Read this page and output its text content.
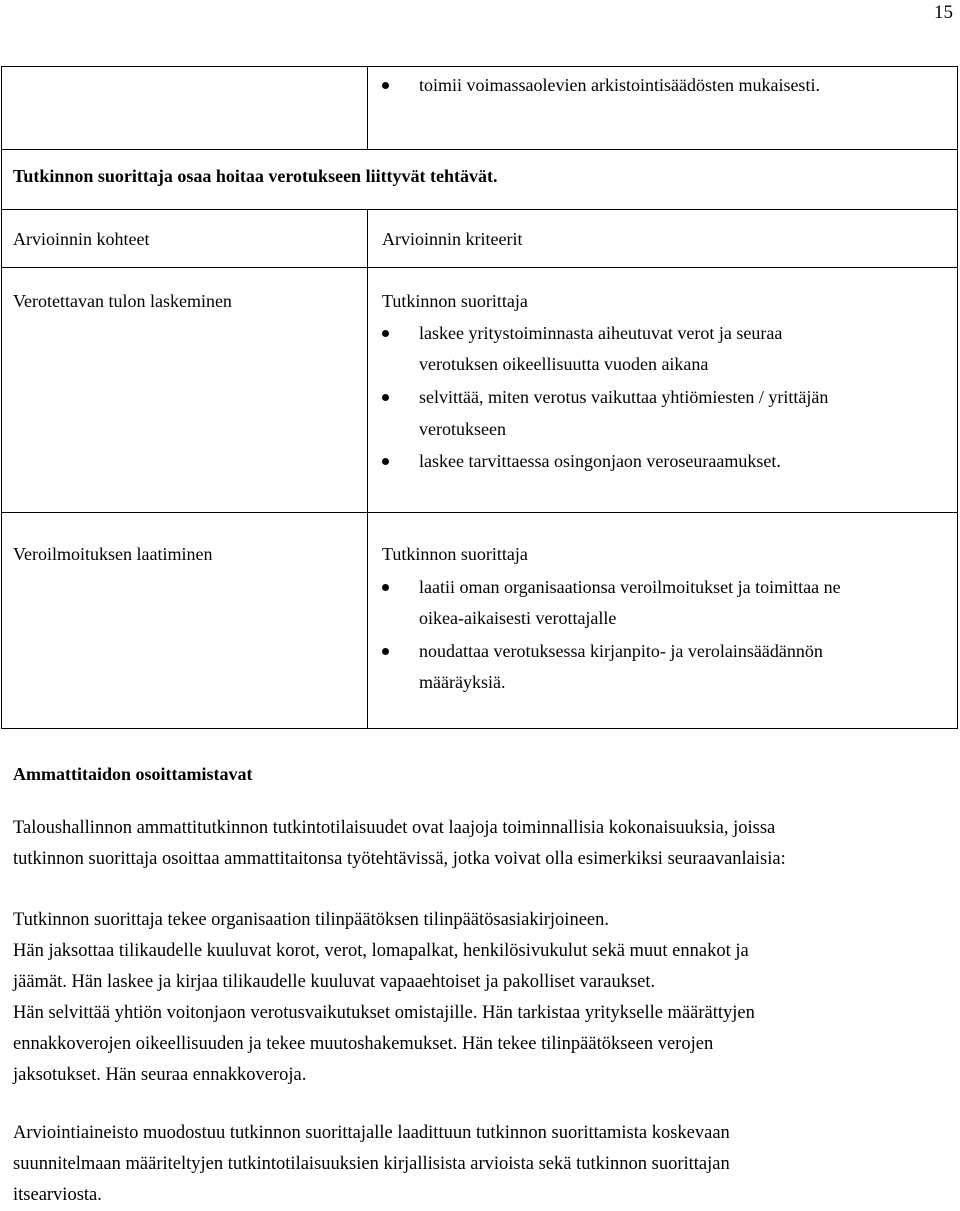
15
toimii voimassaolevien arkistointisäädösten mukaisesti.
Tutkinnon suorittaja osaa hoitaa verotukseen liittyvät tehtävät.
Arvioinnin kohteet	Arvioinnin kriteerit
Verotettavan tulon laskeminen	Tutkinnon suorittaja
laskee yritystoiminnasta aiheutuvat verot ja seuraa
verotuksen oikeellisuutta vuoden aikana
selvittää, miten verotus vaikuttaa yhtiömiesten / yrittäjän
verotukseen
laskee tarvittaessa osingonjaon veroseuraamukset.
Veroilmoituksen laatiminen	Tutkinnon suorittaja
laatii oman organisaationsa veroilmoitukset ja toimittaa ne
oikea-aikaisesti verottajalle
noudattaa verotuksessa kirjanpito- ja verolainsäädännön
määräyksiä.
Ammattitaidon osoittamistavat
Taloushallinnon ammattitutkinnon tutkintotilaisuudet ovat laajoja toiminnallisia kokonaisuuksia, joissa
tutkinnon suorittaja osoittaa ammattitaitonsa työtehtävissä, jotka voivat olla esimerkiksi seuraavanlaisia:
Tutkinnon suorittaja tekee organisaation tilinpäätöksen tilinpäätösasiakirjoineen.
Hän jaksottaa tilikaudelle kuuluvat korot, verot, lomapalkat, henkilösivukulut sekä muut ennakot ja
jäämät. Hän laskee ja kirjaa tilikaudelle kuuluvat vapaaehtoiset ja pakolliset varaukset.
Hän selvittää yhtiön voitonjaon verotusvaikutukset omistajille. Hän tarkistaa yritykselle määrättyjen
ennakkoverojen oikeellisuuden ja tekee muutoshakemukset. Hän tekee tilinpäätökseen verojen
jaksotukset. Hän seuraa ennakkoveroja.
Arviointiaineisto muodostuu tutkinnon suorittajalle laadittuun tutkinnon suorittamista koskevaan
suunnitelmaan määriteltyjen tutkintotilaisuuksien kirjallisista arvioista sekä tutkinnon suorittajan
itsearviosta.
